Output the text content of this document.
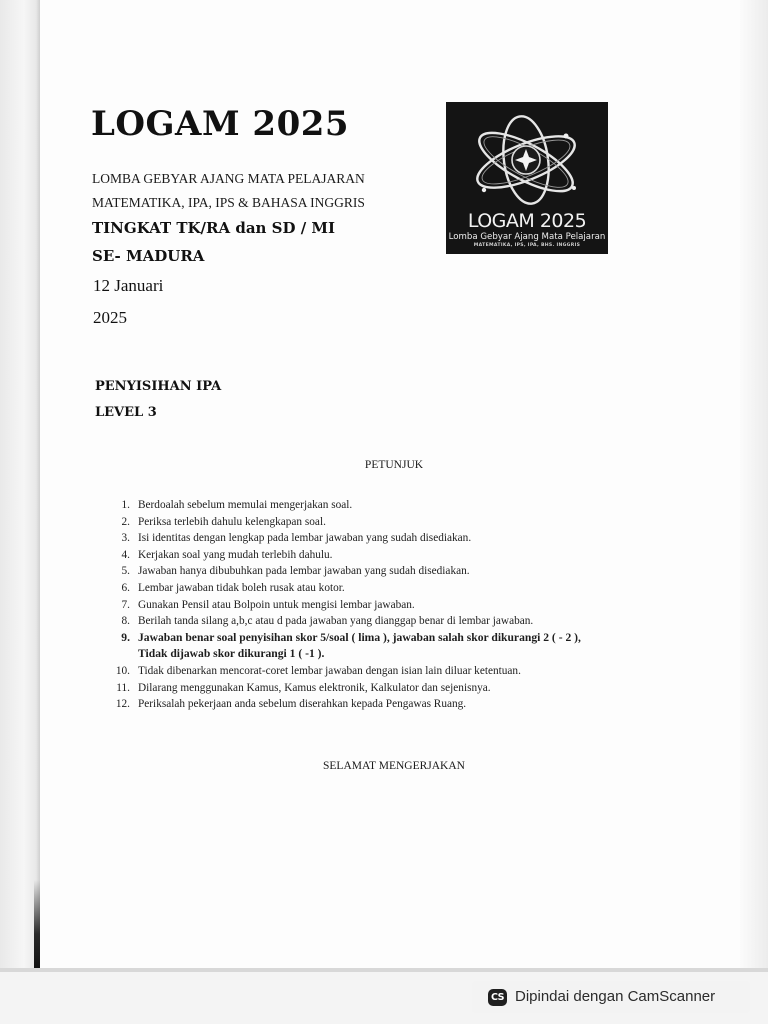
LOGAM 2025

LOMBA GEBYAR AJANG MATA PELAJARAN

MATEMATIKA, IPA, IPS & BAHASA INGGRIS

TINGKAT TK/RA dan SD / MI

SE- MADURA

12 Januari

2025

PENYISIHAN IPA

LEVEL 3

LOGAM 2025
Lomba Gebyar Ajang Mata Pelajaran
MATEMATIKA, IPS, IPA, BHS. INGGRIS

PETUNJUK

1. Berdoalah sebelum memulai mengerjakan soal.
2. Periksa terlebih dahulu kelengkapan soal.
3. Isi identitas dengan lengkap pada lembar jawaban yang sudah disediakan.
4. Kerjakan soal yang mudah terlebih dahulu.
5. Jawaban hanya dibubuhkan pada lembar jawaban yang sudah disediakan.
6. Lembar jawaban tidak boleh rusak atau kotor.
7. Gunakan Pensil atau Bolpoin untuk mengisi lembar jawaban.
8. Berilah tanda silang a,b,c atau d pada jawaban yang dianggap benar di lembar jawaban.
9. Jawaban benar soal penyisihan skor 5/soal ( lima ), jawaban salah skor dikurangi 2 ( - 2 ),
Tidak dijawab skor dikurangi 1 ( -1 ).
10. Tidak dibenarkan mencorat-coret lembar jawaban dengan isian lain diluar ketentuan.
11. Dilarang menggunakan Kamus, Kamus elektronik, Kalkulator dan sejenisnya.
12. Periksalah pekerjaan anda sebelum diserahkan kepada Pengawas Ruang.

SELAMAT MENGERJAKAN

CS Dipindai dengan CamScanner
